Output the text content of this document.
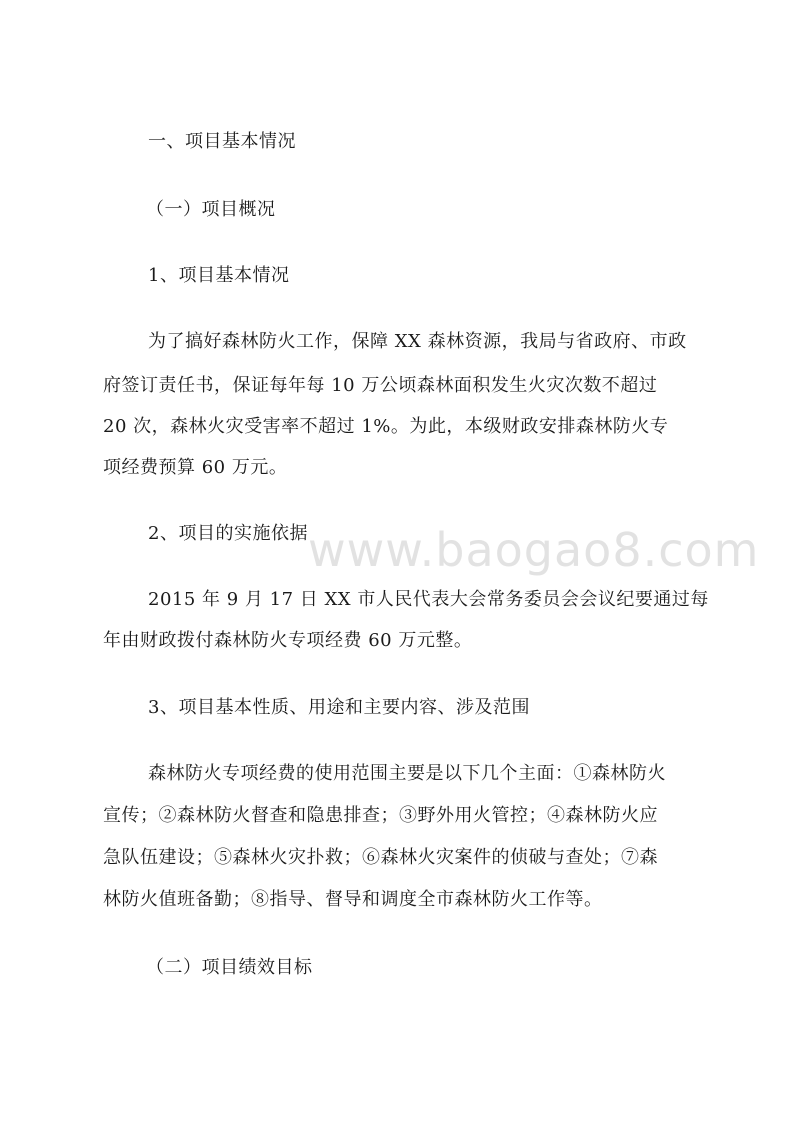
www.baogao8.com
一、项目基本情况
（一）项目概况
1、项目基本情况
为了搞好森林防火工作，保障 XX 森林资源，我局与省政府、市政
府签订责任书，保证每年每 10 万公顷森林面积发生火灾次数不超过
20 次，森林火灾受害率不超过 1%。为此，本级财政安排森林防火专
项经费预算 60 万元。
2、项目的实施依据
2015 年 9 月 17 日 XX 市人民代表大会常务委员会会议纪要通过每
年由财政拨付森林防火专项经费 60 万元整。
3、项目基本性质、用途和主要内容、涉及范围
森林防火专项经费的使用范围主要是以下几个主面：①森林防火
宣传；②森林防火督查和隐患排查；③野外用火管控；④森林防火应
急队伍建设；⑤森林火灾扑救；⑥森林火灾案件的侦破与查处；⑦森
林防火值班备勤；⑧指导、督导和调度全市森林防火工作等。
（二）项目绩效目标
